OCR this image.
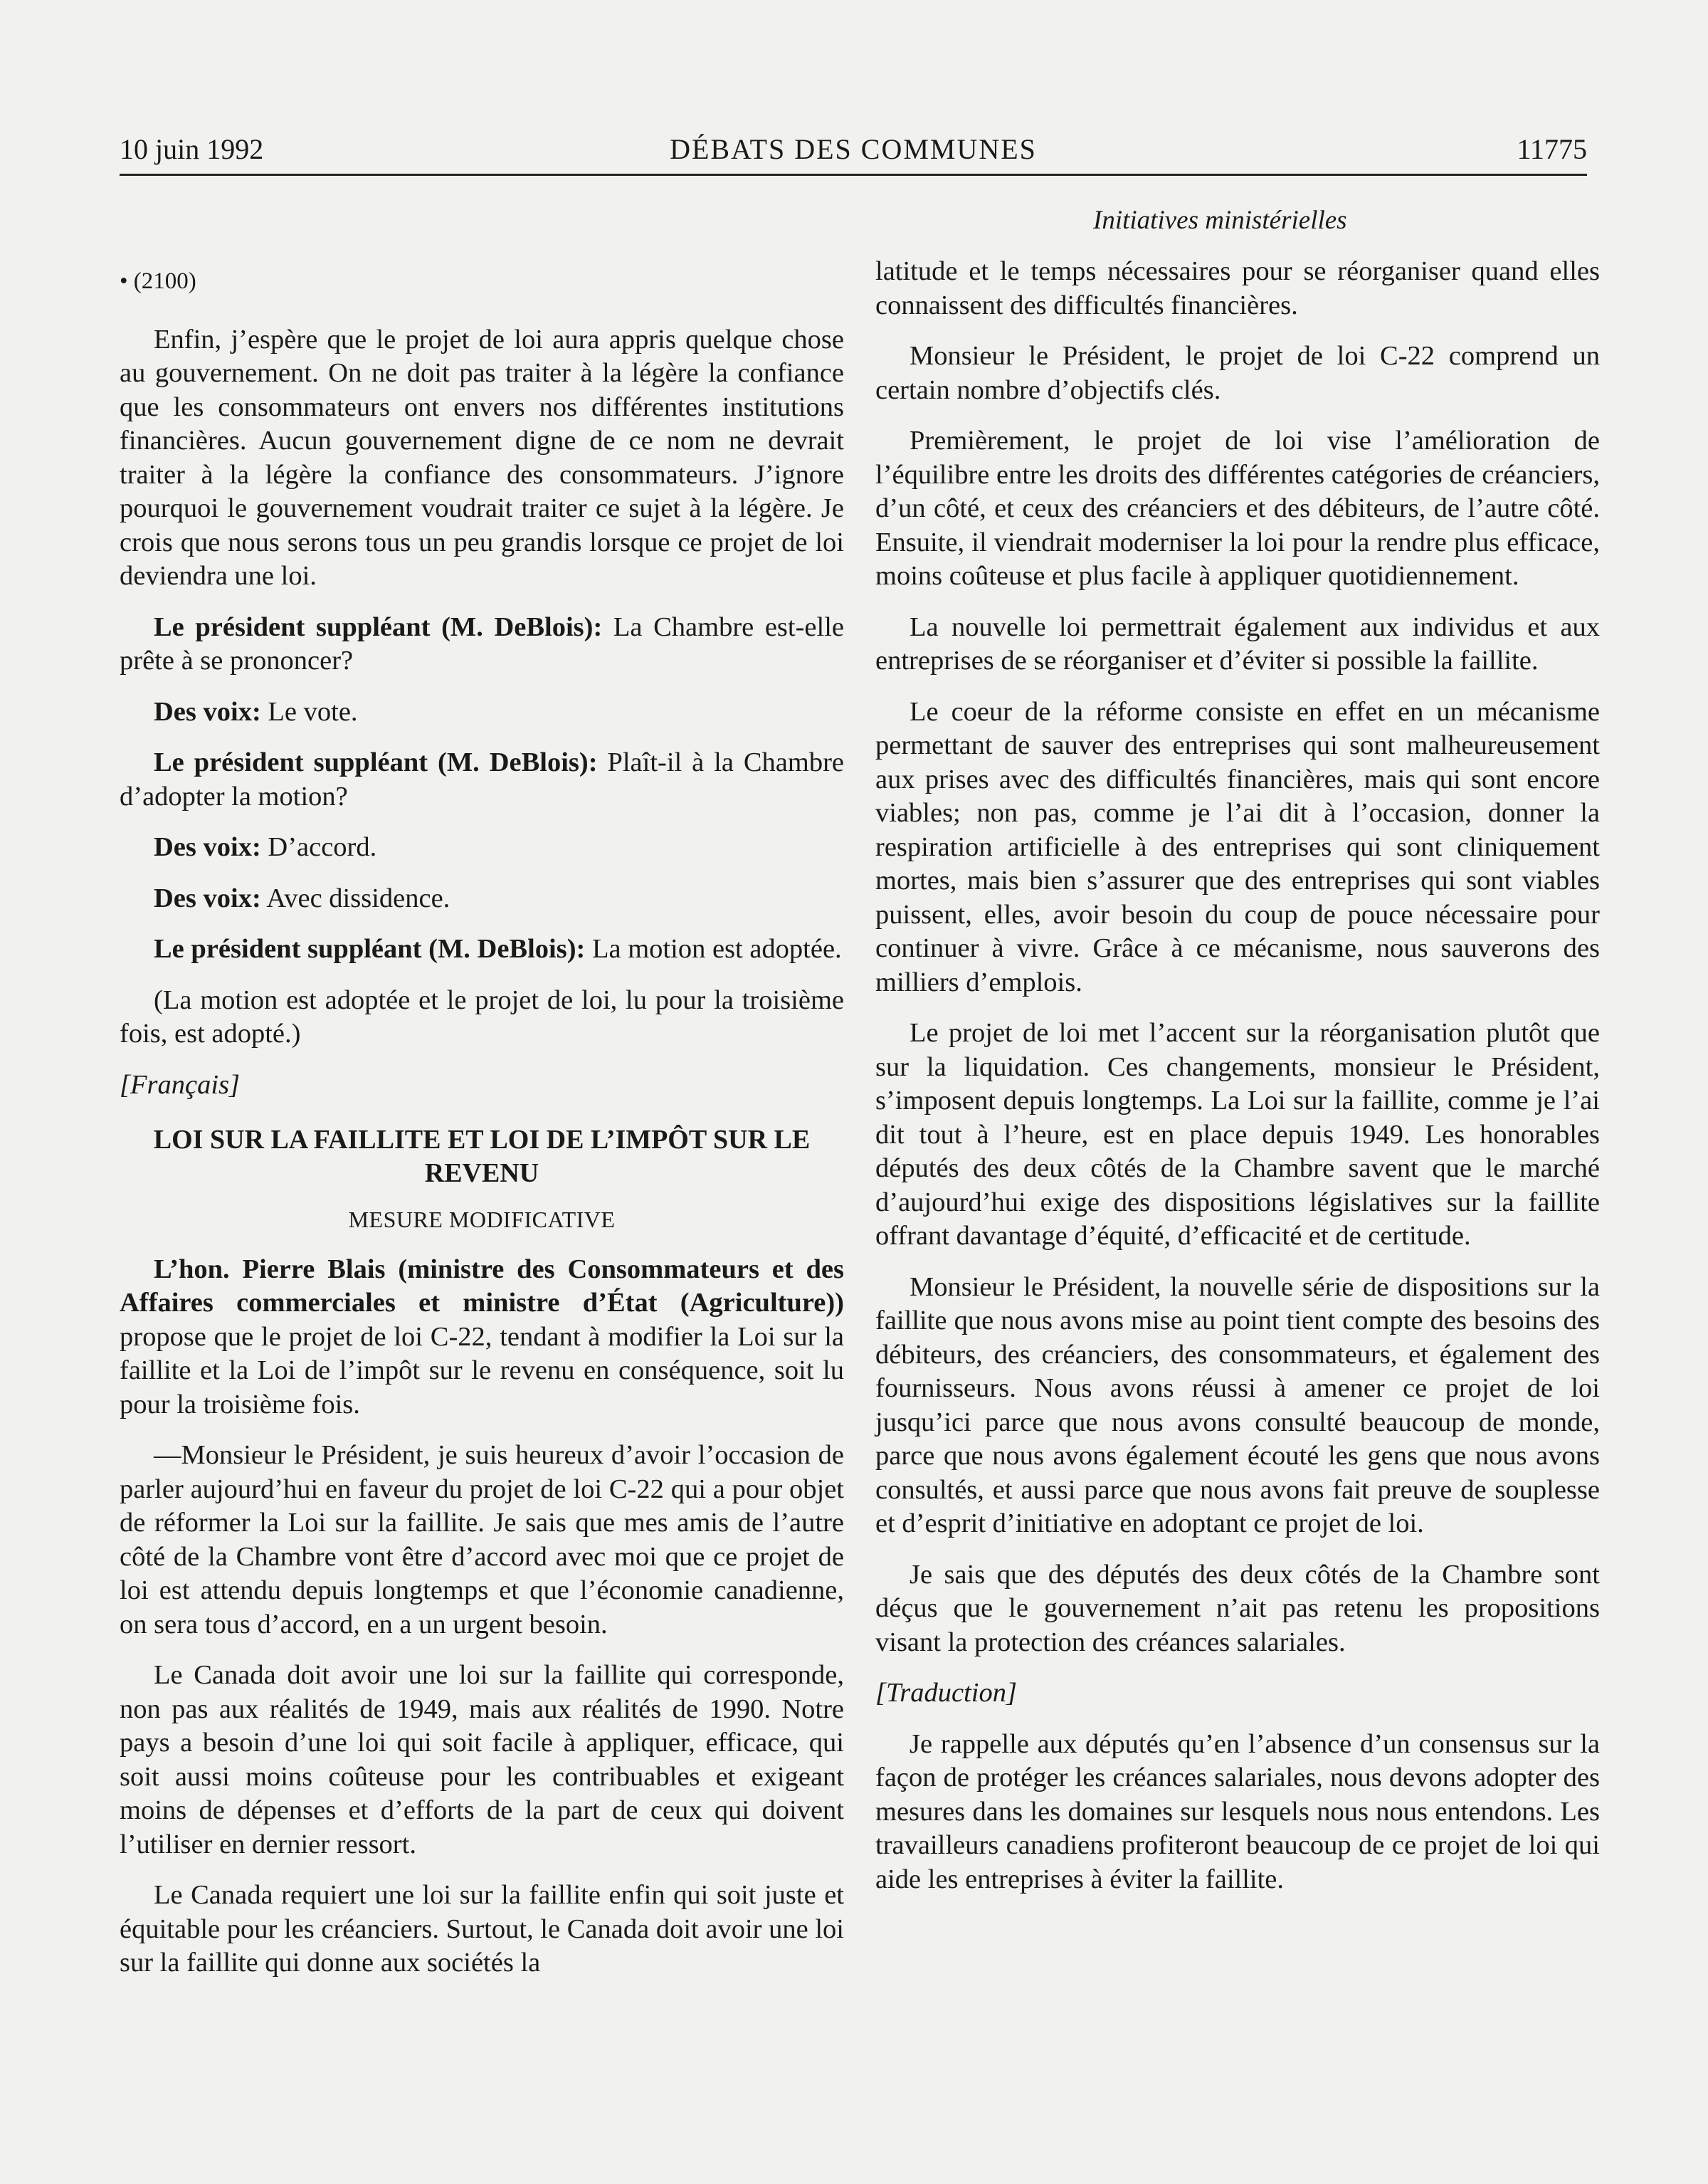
10 juin 1992	DÉBATS DES COMMUNES	11775
Initiatives ministérielles
• (2100)

Enfin, j’espère que le projet de loi aura appris quelque chose au gouvernement. On ne doit pas traiter à la légère la confiance que les consommateurs ont envers nos différentes institutions financières. Aucun gouvernement digne de ce nom ne devrait traiter à la légère la confiance des consommateurs. J’ignore pourquoi le gouvernement voudrait traiter ce sujet à la légère. Je crois que nous serons tous un peu grandis lorsque ce projet de loi deviendra une loi.

Le président suppléant (M. DeBlois): La Chambre est-elle prête à se prononcer?

Des voix: Le vote.

Le président suppléant (M. DeBlois): Plaît-il à la Chambre d’adopter la motion?

Des voix: D’accord.

Des voix: Avec dissidence.

Le président suppléant (M. DeBlois): La motion est adoptée.

(La motion est adoptée et le projet de loi, lu pour la troisième fois, est adopté.)

[Français]

LOI SUR LA FAILLITE ET LOI DE L’IMPÔT SUR LE REVENU
MESURE MODIFICATIVE

L’hon. Pierre Blais (ministre des Consommateurs et des Affaires commerciales et ministre d’État (Agriculture)) propose que le projet de loi C-22, tendant à modifier la Loi sur la faillite et la Loi de l’impôt sur le revenu en conséquence, soit lu pour la troisième fois.

—Monsieur le Président, je suis heureux d’avoir l’occasion de parler aujourd’hui en faveur du projet de loi C-22 qui a pour objet de réformer la Loi sur la faillite. Je sais que mes amis de l’autre côté de la Chambre vont être d’accord avec moi que ce projet de loi est attendu depuis longtemps et que l’économie canadienne, on sera tous d’accord, en a un urgent besoin.

Le Canada doit avoir une loi sur la faillite qui corresponde, non pas aux réalités de 1949, mais aux réalités de 1990. Notre pays a besoin d’une loi qui soit facile à appliquer, efficace, qui soit aussi moins coûteuse pour les contribuables et exigeant moins de dépenses et d’efforts de la part de ceux qui doivent l’utiliser en dernier ressort.

Le Canada requiert une loi sur la faillite enfin qui soit juste et équitable pour les créanciers. Surtout, le Canada doit avoir une loi sur la faillite qui donne aux sociétés la

latitude et le temps nécessaires pour se réorganiser quand elles connaissent des difficultés financières.

Monsieur le Président, le projet de loi C-22 comprend un certain nombre d’objectifs clés.

Premièrement, le projet de loi vise l’amélioration de l’équilibre entre les droits des différentes catégories de créanciers, d’un côté, et ceux des créanciers et des débiteurs, de l’autre côté. Ensuite, il viendrait moderniser la loi pour la rendre plus efficace, moins coûteuse et plus facile à appliquer quotidiennement.

La nouvelle loi permettrait également aux individus et aux entreprises de se réorganiser et d’éviter si possible la faillite.

Le coeur de la réforme consiste en effet en un mécanisme permettant de sauver des entreprises qui sont malheureusement aux prises avec des difficultés financières, mais qui sont encore viables; non pas, comme je l’ai dit à l’occasion, donner la respiration artificielle à des entreprises qui sont cliniquement mortes, mais bien s’assurer que des entreprises qui sont viables puissent, elles, avoir besoin du coup de pouce nécessaire pour continuer à vivre. Grâce à ce mécanisme, nous sauverons des milliers d’emplois.

Le projet de loi met l’accent sur la réorganisation plutôt que sur la liquidation. Ces changements, monsieur le Président, s’imposent depuis longtemps. La Loi sur la faillite, comme je l’ai dit tout à l’heure, est en place depuis 1949. Les honorables députés des deux côtés de la Chambre savent que le marché d’aujourd’hui exige des dispositions législatives sur la faillite offrant davantage d’équité, d’efficacité et de certitude.

Monsieur le Président, la nouvelle série de dispositions sur la faillite que nous avons mise au point tient compte des besoins des débiteurs, des créanciers, des consommateurs, et également des fournisseurs. Nous avons réussi à amener ce projet de loi jusqu’ici parce que nous avons consulté beaucoup de monde, parce que nous avons également écouté les gens que nous avons consultés, et aussi parce que nous avons fait preuve de souplesse et d’esprit d’initiative en adoptant ce projet de loi.

Je sais que des députés des deux côtés de la Chambre sont déçus que le gouvernement n’ait pas retenu les propositions visant la protection des créances salariales.

[Traduction]

Je rappelle aux députés qu’en l’absence d’un consensus sur la façon de protéger les créances salariales, nous devons adopter des mesures dans les domaines sur lesquels nous nous entendons. Les travailleurs canadiens profiteront beaucoup de ce projet de loi qui aide les entreprises à éviter la faillite.
